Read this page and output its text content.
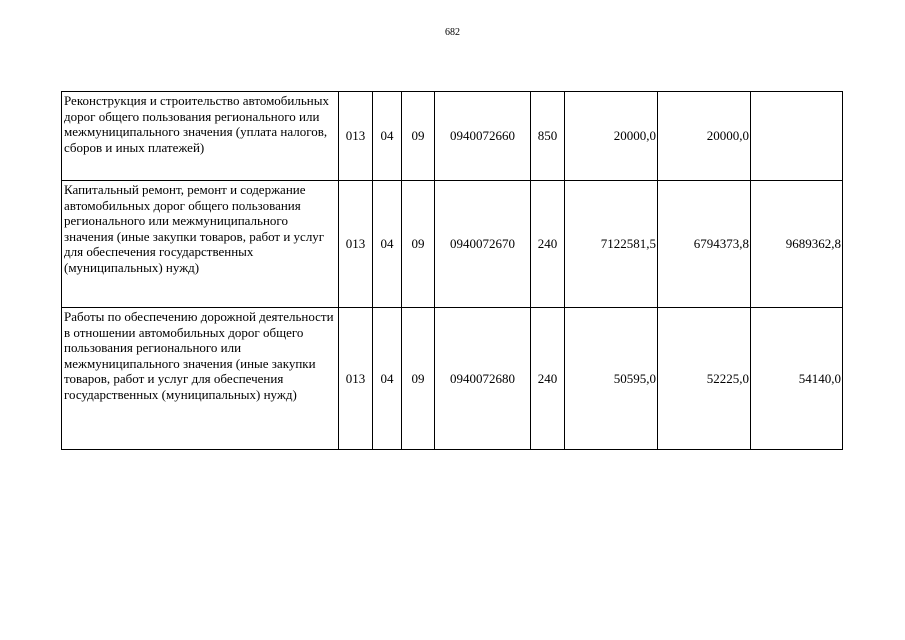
682
Реконструкция и строительство автомобильных дорог общего пользования регионального или межмуниципального значения (уплата налогов, сборов и иных платежей)	013	04	09	0940072660	850	20000,0	20000,0	
Капитальный ремонт, ремонт и содержание автомобильных дорог общего пользования регионального или межмуниципального значения (иные закупки товаров, работ и услуг для обеспечения государственных (муниципальных) нужд)	013	04	09	0940072670	240	7122581,5	6794373,8	9689362,8
Работы по обеспечению дорожной деятельности в отношении автомобильных дорог общего пользования регионального или межмуниципального значения (иные закупки товаров, работ и услуг для обеспечения государственных (муниципальных) нужд)	013	04	09	0940072680	240	50595,0	52225,0	54140,0
